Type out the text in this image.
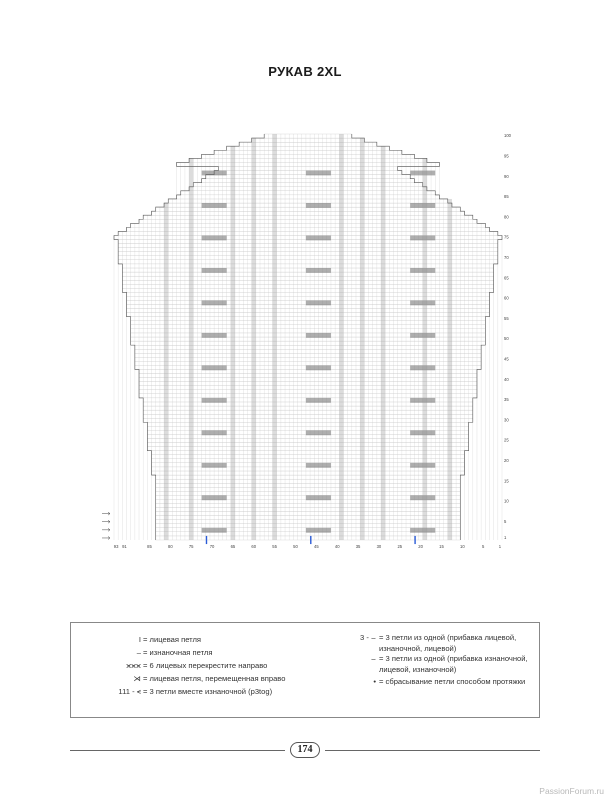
РУКАВ 2XL
1
5
10
15
20
25
30
35
40
45
50
55
60
65
70
75
80
85
90
95
100
1
5
10
15
20
25
30
35
40
45
50
55
60
65
70
75
80
85
91
93
I = лицевая петля
– = изнаночная петля
⪤⪤⪤ = 6 лицевых перекрестите направо
⋊ = лицевая петля, перемещенная вправо
111 - ⪪ = 3 петли вместе изнаночной (p3tog)
3 - ⌣ = 3 петли из одной (прибавка лицевой, изнаночной, лицевой)
⌣ = 3 петли из одной (прибавка изнаночной, лицевой, изнаночной)
• = сбрасывание петли способом протяжки
174
PassionForum.ru
